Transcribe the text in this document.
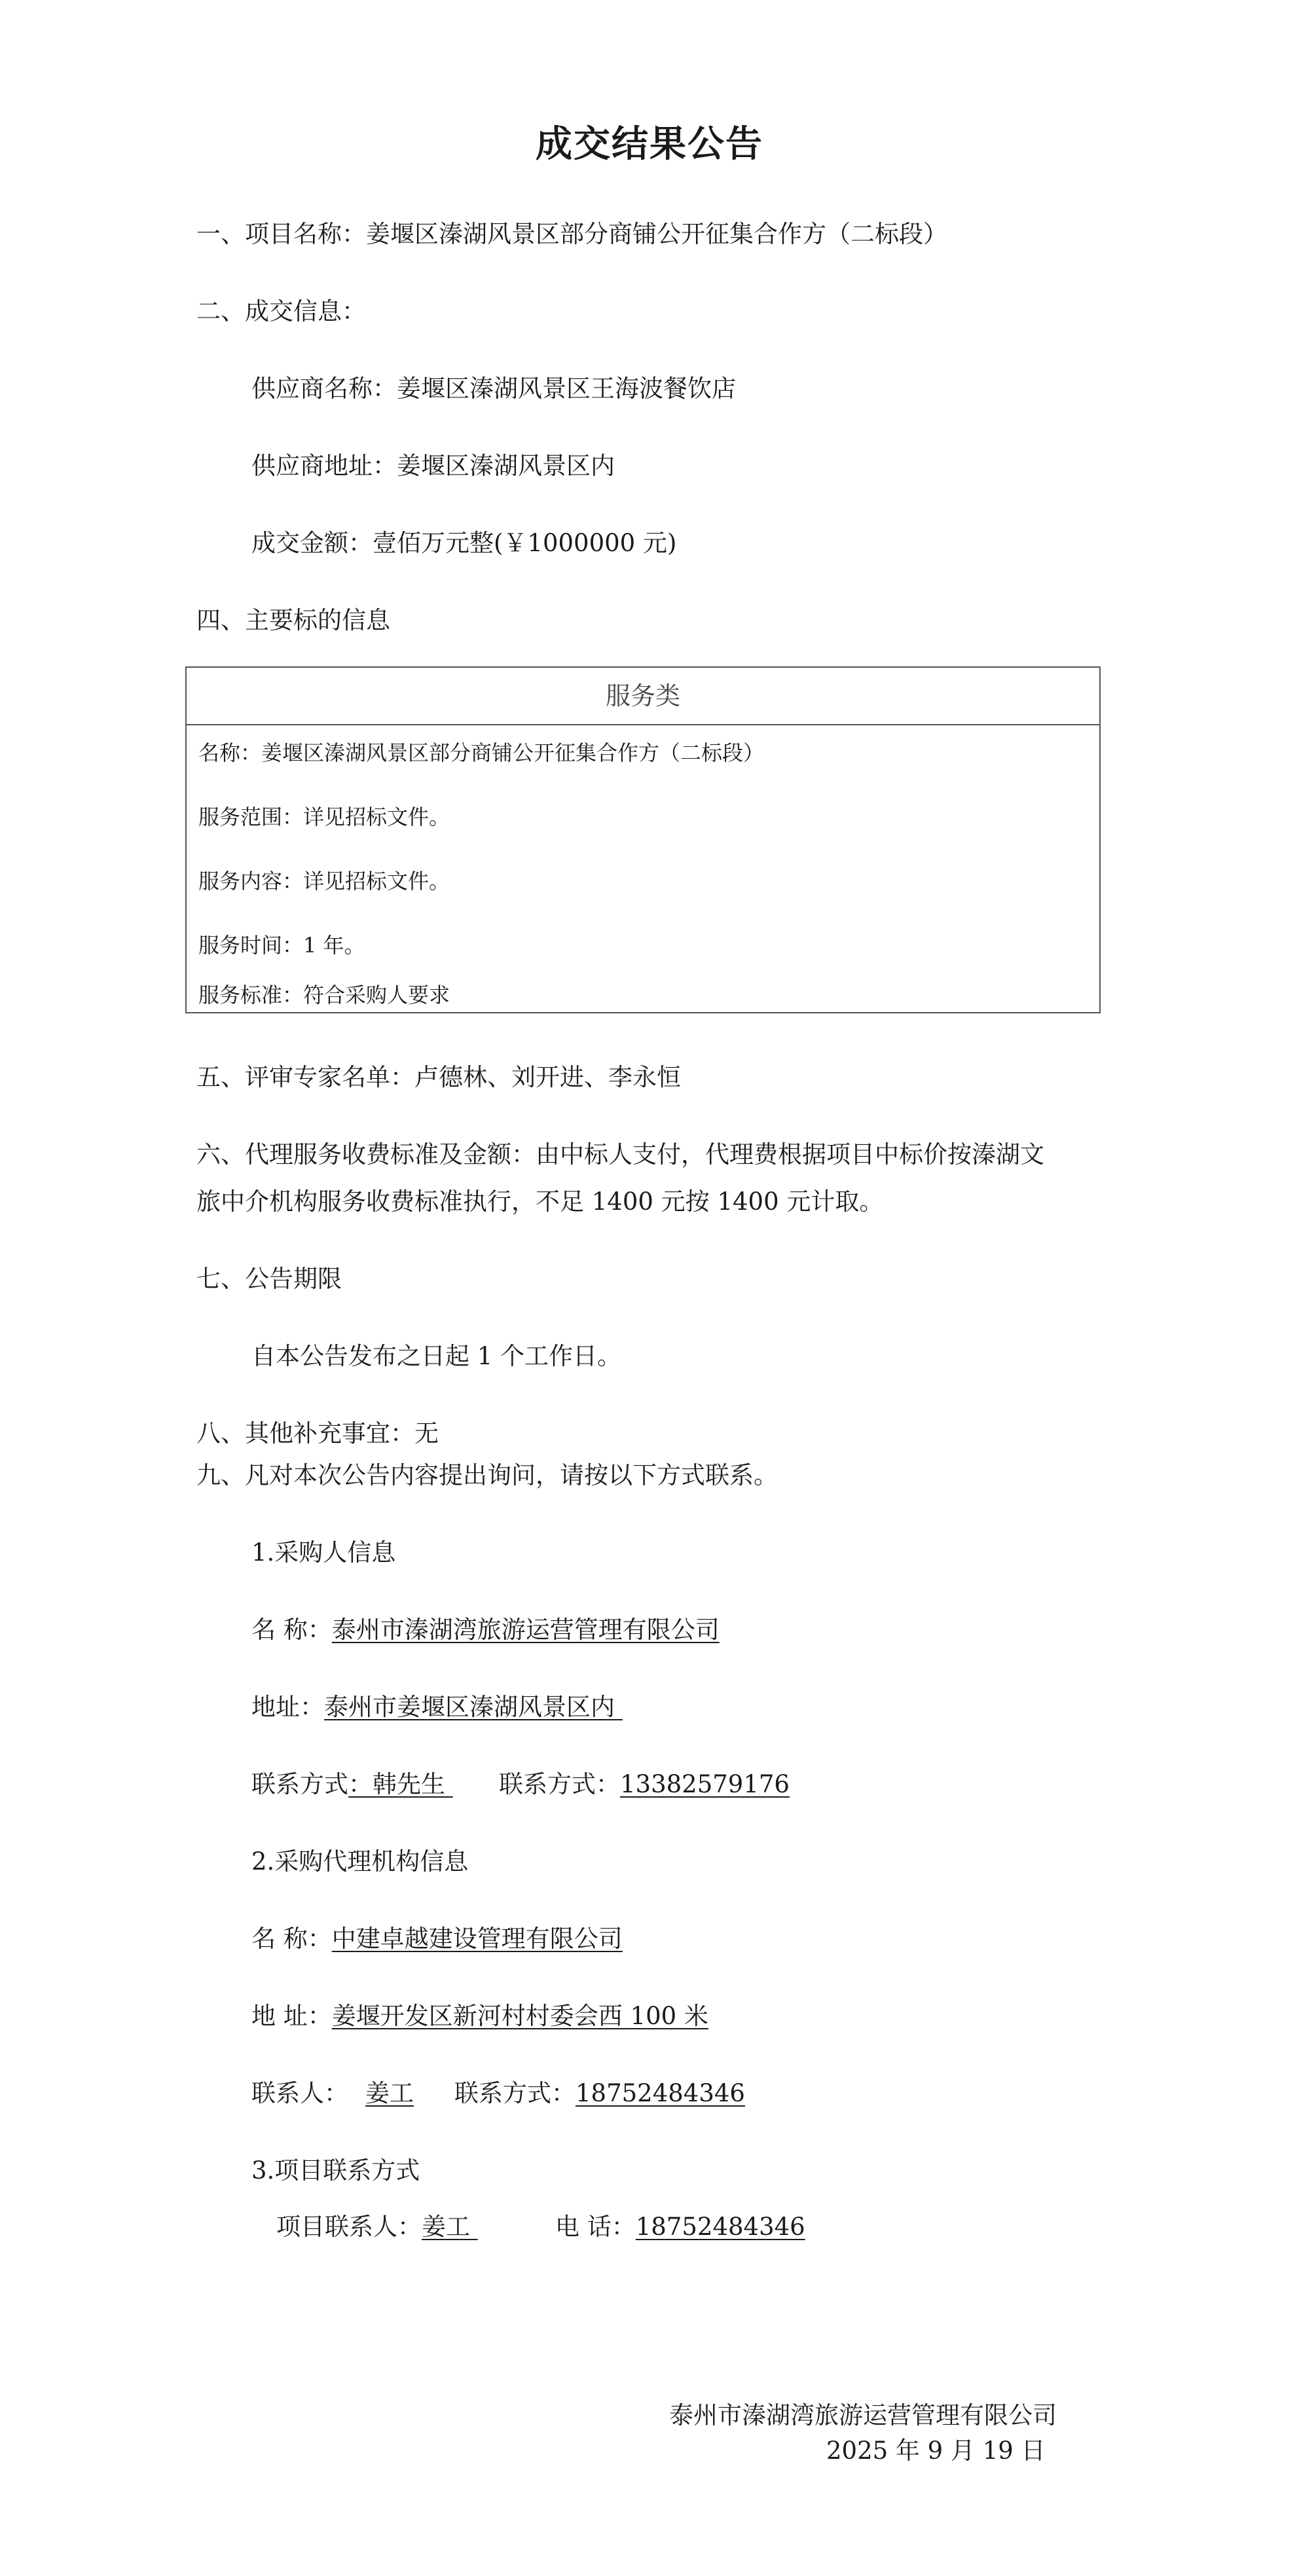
成交结果公告
一、项目名称：姜堰区溱湖风景区部分商铺公开征集合作方（二标段）
二、成交信息：
供应商名称：姜堰区溱湖风景区王海波餐饮店
供应商地址：姜堰区溱湖风景区内
成交金额：壹佰万元整(￥1000000 元)
四、主要标的信息
服务类
名称：姜堰区溱湖风景区部分商铺公开征集合作方（二标段）
服务范围：详见招标文件。
服务内容：详见招标文件。
服务时间：1 年。
服务标准：符合采购人要求
五、评审专家名单：卢德林、刘开进、李永恒
六、代理服务收费标准及金额：由中标人支付，代理费根据项目中标价按溱湖文
旅中介机构服务收费标准执行，不足 1400 元按 1400 元计取。
七、公告期限
自本公告发布之日起 1 个工作日。
八、其他补充事宜：无
九、凡对本次公告内容提出询问，请按以下方式联系。
1.采购人信息
名 称：泰州市溱湖湾旅游运营管理有限公司
地址：泰州市姜堰区溱湖风景区内
联系方式：韩先生 联系方式：13382579176
2.采购代理机构信息
名 称：中建卓越建设管理有限公司
地 址：姜堰开发区新河村村委会西 100 米
联系人： 姜工 联系方式：18752484346
3.项目联系方式
项目联系人：姜工	电 话：18752484346
泰州市溱湖湾旅游运营管理有限公司
2025 年 9 月 19 日
